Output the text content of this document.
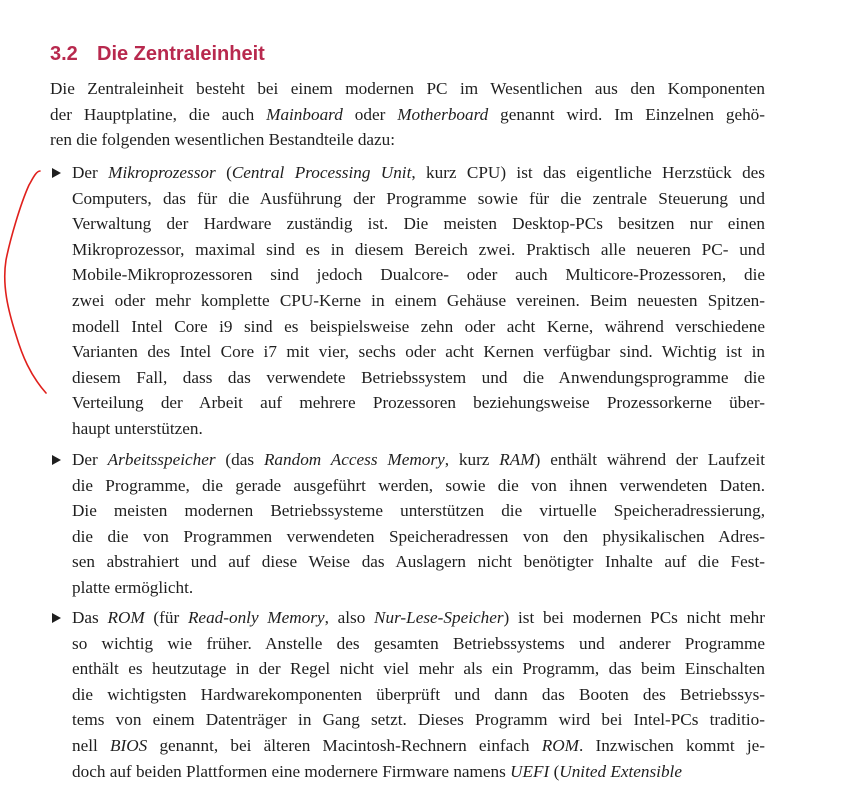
3.2 Die Zentraleinheit

Die Zentraleinheit besteht bei einem modernen PC im Wesentlichen aus den Komponenten
der Hauptplatine, die auch Mainboard oder Motherboard genannt wird. Im Einzelnen gehö-
ren die folgenden wesentlichen Bestandteile dazu:

Der Mikroprozessor (Central Processing Unit, kurz CPU) ist das eigentliche Herzstück des
Computers, das für die Ausführung der Programme sowie für die zentrale Steuerung und
Verwaltung der Hardware zuständig ist. Die meisten Desktop-PCs besitzen nur einen
Mikroprozessor, maximal sind es in diesem Bereich zwei. Praktisch alle neueren PC- und
Mobile-Mikroprozessoren sind jedoch Dualcore- oder auch Multicore-Prozessoren, die
zwei oder mehr komplette CPU-Kerne in einem Gehäuse vereinen. Beim neuesten Spitzen-
modell Intel Core i9 sind es beispielsweise zehn oder acht Kerne, während verschiedene
Varianten des Intel Core i7 mit vier, sechs oder acht Kernen verfügbar sind. Wichtig ist in
diesem Fall, dass das verwendete Betriebssystem und die Anwendungsprogramme die
Verteilung der Arbeit auf mehrere Prozessoren beziehungsweise Prozessorkerne über-
haupt unterstützen.
Der Arbeitsspeicher (das Random Access Memory, kurz RAM) enthält während der Laufzeit
die Programme, die gerade ausgeführt werden, sowie die von ihnen verwendeten Daten.
Die meisten modernen Betriebssysteme unterstützen die virtuelle Speicheradressierung,
die die von Programmen verwendeten Speicheradressen von den physikalischen Adres-
sen abstrahiert und auf diese Weise das Auslagern nicht benötigter Inhalte auf die Fest-
platte ermöglicht.
Das ROM (für Read-only Memory, also Nur-Lese-Speicher) ist bei modernen PCs nicht mehr
so wichtig wie früher. Anstelle des gesamten Betriebssystems und anderer Programme
enthält es heutzutage in der Regel nicht viel mehr als ein Programm, das beim Einschalten
die wichtigsten Hardwarekomponenten überprüft und dann das Booten des Betriebssys-
tems von einem Datenträger in Gang setzt. Dieses Programm wird bei Intel-PCs traditio-
nell BIOS genannt, bei älteren Macintosh-Rechnern einfach ROM. Inzwischen kommt je-
doch auf beiden Plattformen eine modernere Firmware namens UEFI (United Extensible
